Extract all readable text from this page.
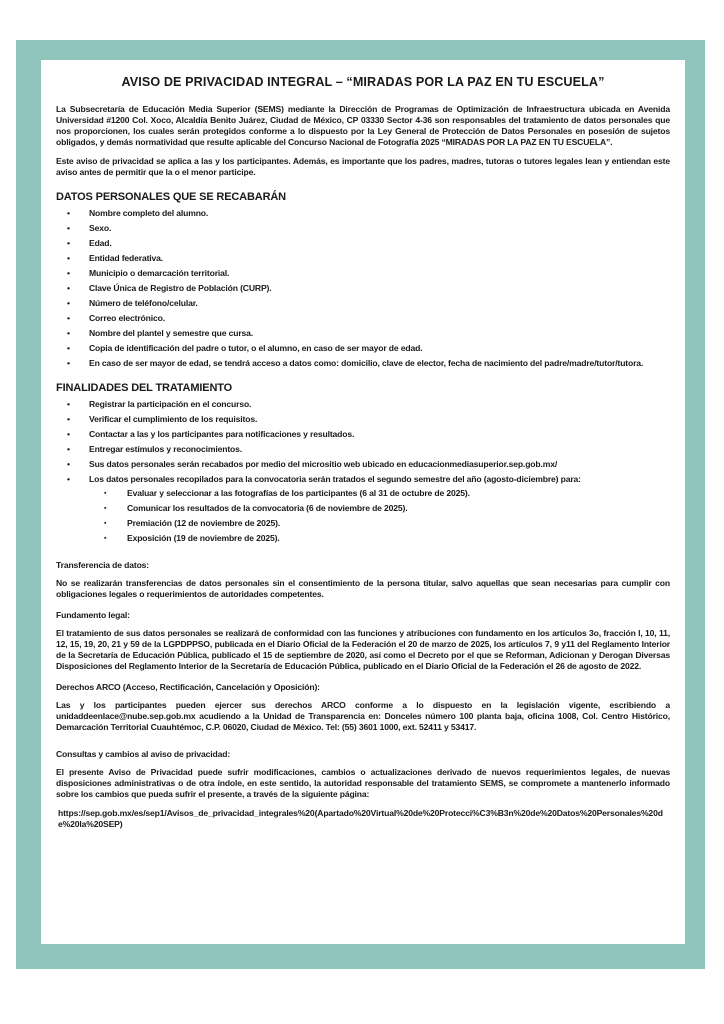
AVISO DE PRIVACIDAD INTEGRAL – “MIRADAS POR LA PAZ EN TU ESCUELA”

La Subsecretaría de Educación Media Superior (SEMS) mediante la Dirección de Programas de Optimización de Infraestructura ubicada en Avenida Universidad #1200 Col. Xoco, Alcaldía Benito Juárez, Ciudad de México, CP 03330 Sector 4-36 son responsables del tratamiento de datos personales que nos proporcionen, los cuales serán protegidos conforme a lo dispuesto por la Ley General de Protección de Datos Personales en posesión de sujetos obligados, y demás normatividad que resulte aplicable del Concurso Nacional de Fotografía 2025 “MIRADAS POR LA PAZ EN TU ESCUELA”.

Este aviso de privacidad se aplica a las y los participantes. Además, es importante que los padres, madres, tutoras o tutores legales lean y entiendan este aviso antes de permitir que la o el menor participe.

DATOS PERSONALES QUE SE RECABARÁN
• Nombre completo del alumno.
• Sexo.
• Edad.
• Entidad federativa.
• Municipio o demarcación territorial.
• Clave Única de Registro de Población (CURP).
• Número de teléfono/celular.
• Correo electrónico.
• Nombre del plantel y semestre que cursa.
• Copia de identificación del padre o tutor, o el alumno, en caso de ser mayor de edad.
• En caso de ser mayor de edad, se tendrá acceso a datos como: domicilio, clave de elector, fecha de nacimiento del padre/madre/tutor/tutora.
FINALIDADES DEL TRATAMIENTO
• Registrar la participación en el concurso.
• Verificar el cumplimiento de los requisitos.
• Contactar a las y los participantes para notificaciones y resultados.
• Entregar estímulos y reconocimientos.
• Sus datos personales serán recabados por medio del micrositio web ubicado en educacionmediasuperior.sep.gob.mx/
• Los datos personales recopilados para la convocatoria serán tratados el segundo semestre del año (agosto-diciembre) para:
▪ Evaluar y seleccionar a las fotografías de los participantes (6 al 31 de octubre de 2025).
▪ Comunicar los resultados de la convocatoria (6 de noviembre de 2025).
▪ Premiación (12 de noviembre de 2025).
▪ Exposición (19 de noviembre de 2025).
Transferencia de datos:

No se realizarán transferencias de datos personales sin el consentimiento de la persona titular, salvo aquellas que sean necesarias para cumplir con obligaciones legales o requerimientos de autoridades competentes.

Fundamento legal:

El tratamiento de sus datos personales se realizará de conformidad con las funciones y atribuciones con fundamento en los artículos 3o, fracción I, 10, 11, 12, 15, 19, 20, 21 y 59 de la LGPDPPSO, publicada en el Diario Oficial de la Federación el 20 de marzo de 2025, los artículos 7, 9 y11 del Reglamento Interior de la Secretaría de Educación Pública, publicado el 15 de septiembre de 2020, así como el Decreto por el que se Reforman, Adicionan y Derogan Diversas Disposiciones del Reglamento Interior de la Secretaría de Educación Pública, publicado en el Diario Oficial de la Federación el 26 de agosto de 2022.

Derechos ARCO (Acceso, Rectificación, Cancelación y Oposición):

Las y los participantes pueden ejercer sus derechos ARCO conforme a lo dispuesto en la legislación vigente, escribiendo a unidaddeenlace@nube.sep.gob.mx acudiendo a la Unidad de Transparencia en: Donceles número 100 planta baja, oficina 1008, Col. Centro Histórico, Demarcación Territorial Cuauhtémoc, C.P. 06020, Ciudad de México. Tel: (55) 3601 1000, ext. 52411 y 53417.

Consultas y cambios al aviso de privacidad:

El presente Aviso de Privacidad puede sufrir modificaciones, cambios o actualizaciones derivado de nuevos requerimientos legales, de nuevas disposiciones administrativas o de otra índole, en este sentido, la autoridad responsable del tratamiento SEMS, se compromete a mantenerlo informado sobre los cambios que pueda sufrir el presente, a través de la siguiente página:

https://sep.gob.mx/es/sep1/Avisos_de_privacidad_integrales%20(Apartado%20Virtual%20de%20Protecci%C3%B3n%20de%20Datos%20Personales%20de%20la%20SEP)
